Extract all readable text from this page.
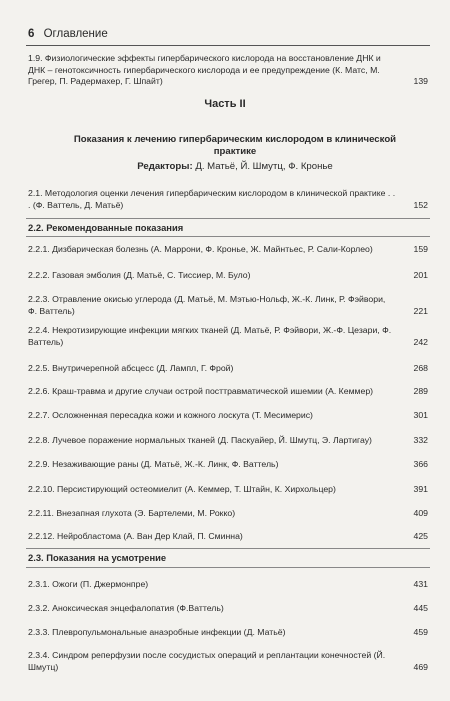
6 Оглавление
1.9. Физиологические эффекты гипербарического кислорода на восстановление ДНК и ДНК – генотоксичность гипербарического кислорода и ее предупреждение (К. Матс, М. Грегер, П. Радермахер, Г. Шпайт)	139
Часть II
Показания к лечению гипербарическим кислородом в клинической практике
Редакторы: Д. Матьё, Й. Шмутц, Ф. Кронье
2.1. Методология оценки лечения гипербарическим кислородом в клинической практике . . . (Ф. Ваттель, Д. Матьё)	152
2.2. Рекомендованные показания
2.2.1. Дизбарическая болезнь (А. Маррони, Ф. Кронье, Ж. Майнтьес, Р. Сали-Корлео)	159
2.2.2. Газовая эмболия (Д. Матьё, С. Тиссиер, М. Було)	201
2.2.3. Отравление окисью углерода (Д. Матьё, М. Мэтью-Нольф, Ж.-К. Линк, Р. Фэйвори, Ф. Ваттель)	221
2.2.4. Некротизирующие инфекции мягких тканей (Д. Матьё, Р. Фэйвори, Ж.-Ф. Цезари, Ф. Ваттель)	242
2.2.5. Внутричерепной абсцесс (Д. Лампл, Г. Фрой)	268
2.2.6. Краш-травма и другие случаи острой посттравматической ишемии (А. Кеммер)	289
2.2.7. Осложненная пересадка кожи и кожного лоскута (Т. Месимерис)	301
2.2.8. Лучевое поражение нормальных тканей (Д. Паскуайер, Й. Шмутц, Э. Лартигау)	332
2.2.9. Незаживающие раны (Д. Матьё, Ж.-К. Линк, Ф. Ваттель)	366
2.2.10. Персистирующий остеомиелит (А. Кеммер, Т. Штайн, К. Хирхольцер)	391
2.2.11. Внезапная глухота (Э. Бартелеми, М. Рокко)	409
2.2.12. Нейробластома (А. Ван Дер Клай, П. Сминна)	425
2.3. Показания на усмотрение
2.3.1. Ожоги (П. Джермонпре)	431
2.3.2. Аноксическая энцефалопатия (Ф.Ваттель)	445
2.3.3. Плевропульмональные анаэробные инфекции (Д. Матьё)	459
2.3.4. Синдром реперфузии после сосудистых операций и реплантации конечностей (Й. Шмутц)	469
